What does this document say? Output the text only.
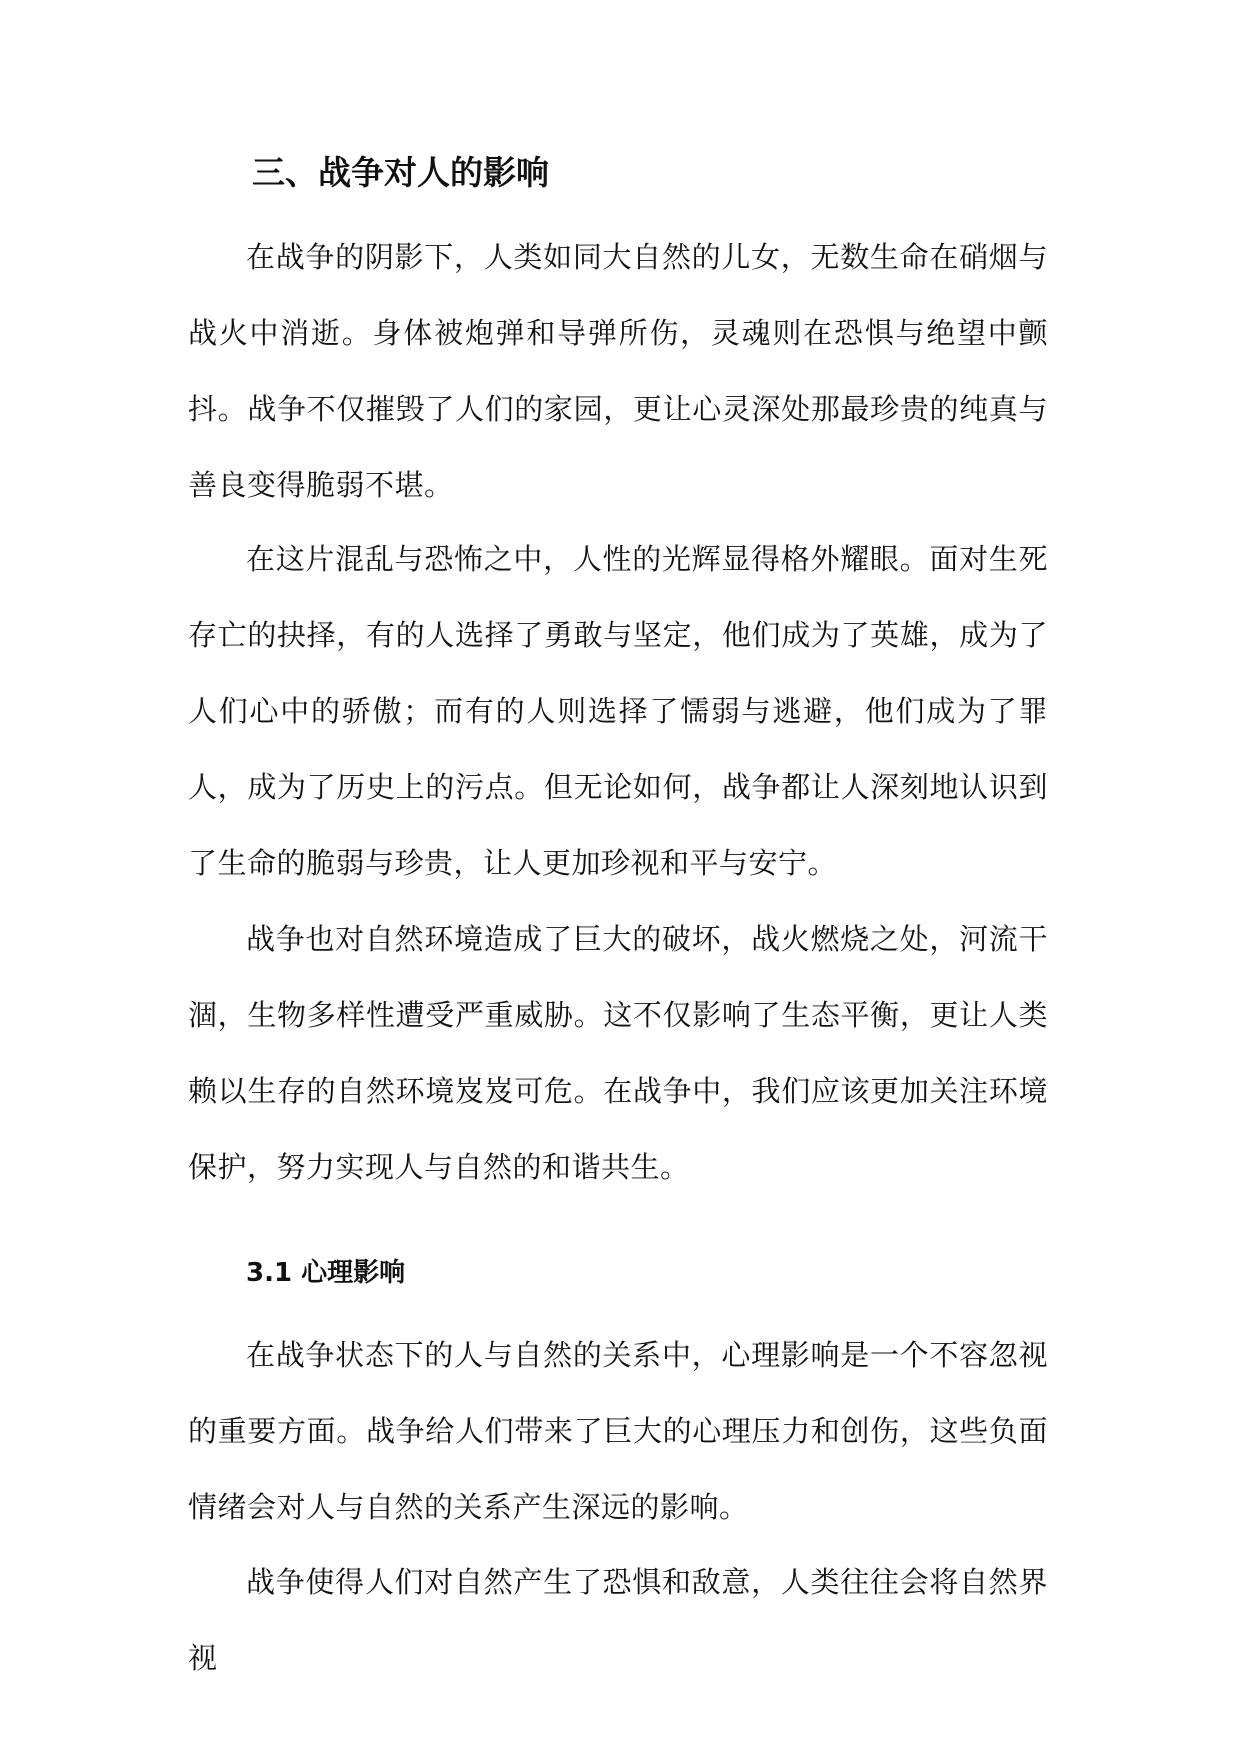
三、战争对人的影响

在战争的阴影下，人类如同大自然的儿女，无数生命在硝烟与战火中消逝。身体被炮弹和导弹所伤，灵魂则在恐惧与绝望中颤抖。战争不仅摧毁了人们的家园，更让心灵深处那最珍贵的纯真与善良变得脆弱不堪。

在这片混乱与恐怖之中，人性的光辉显得格外耀眼。面对生死存亡的抉择，有的人选择了勇敢与坚定，他们成为了英雄，成为了人们心中的骄傲；而有的人则选择了懦弱与逃避，他们成为了罪人，成为了历史上的污点。但无论如何，战争都让人深刻地认识到了生命的脆弱与珍贵，让人更加珍视和平与安宁。

战争也对自然环境造成了巨大的破坏，战火燃烧之处，河流干涸，生物多样性遭受严重威胁。这不仅影响了生态平衡，更让人类赖以生存的自然环境岌岌可危。在战争中，我们应该更加关注环境保护，努力实现人与自然的和谐共生。

3.1 心理影响

在战争状态下的人与自然的关系中，心理影响是一个不容忽视的重要方面。战争给人们带来了巨大的心理压力和创伤，这些负面情绪会对人与自然的关系产生深远的影响。

战争使得人们对自然产生了恐惧和敌意，人类往往会将自然界视
